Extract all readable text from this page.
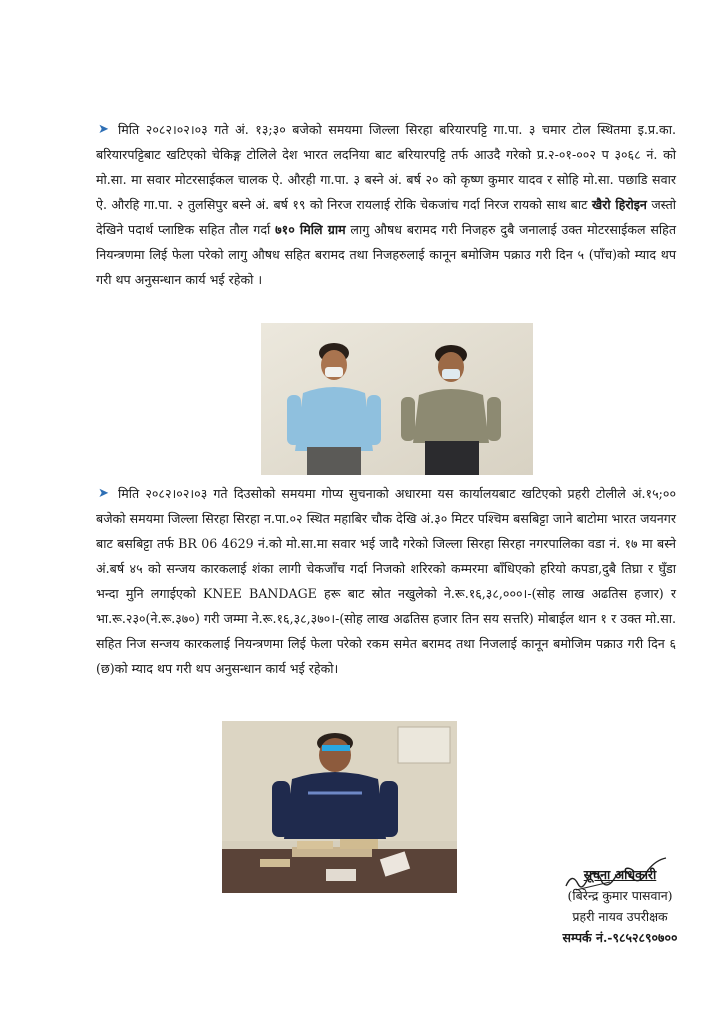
➤
➤
मिति २०८२।०२।०३ गते अं. १३;३० बजेको समयमा जिल्ला सिरहा बरियारपट्टि गा.पा. ३ चमार टोल स्थितमा इ.प्र.का. बरियारपट्टिबाट खटिएको चेकिङ्ग टोलिले देश भारत लदनिया बाट बरियारपट्टि तर्फ आउदै गरेको प्र.२-०१-००२ प ३०६८ नं. को मो.सा. मा सवार मोटरसाईकल चालक ऐ. औरही गा.पा. ३ बस्ने अं. बर्ष २० को कृष्ण कुमार यादव र सोहि मो.सा. पछाडि सवार ऐ. औरहि गा.पा. २ तुलसिपुर बस्ने अं. बर्ष १९ को निरज रायलाई रोकि चेकजांच गर्दा निरज रायको साथ बाट खैरो हिरोइन जस्तो देखिने पदार्थ प्लाष्टिक सहित तौल गर्दा ७१० मिलि ग्राम लागु औषध बरामद गरी निजहरु दुबै जनालाई उक्त मोटरसाईकल सहित नियन्त्रणमा लिई फेला परेको लागु औषध सहित बरामद तथा निजहरुलाई कानून बमोजिम पक्राउ गरी दिन ५ (पाँच)को म्याद थप गरी थप अनुसन्धान कार्य भई रहेको ।
मिति २०८२।०२।०३ गते दिउसोको समयमा गोप्य सुचनाको अधारमा यस कार्यालयबाट खटिएको प्रहरी टोलीले अं.१५;०० बजेको समयमा जिल्ला सिरहा सिरहा न.पा.०२ स्थित महाबिर चौक देखि अं.३० मिटर पश्चिम बसबिट्टा जाने बाटोमा भारत जयनगर बाट बसबिट्टा तर्फ BR 06 4629 नं.को मो.सा.मा सवार भई जादै गरेको जिल्ला सिरहा सिरहा नगरपालिका वडा नं. १७ मा बस्ने अं.बर्ष ४५ को सन्जय कारकलाई शंका लागी चेकजाँच गर्दा निजको शरिरको कम्मरमा बाँधिएको हरियो कपडा,दुबै तिघ्रा र घुँडा भन्दा मुनि लगाईएको KNEE BANDAGE हरू बाट स्रोत नखुलेको ने.रू.१६,३८,०००।-(सोह लाख अढतिस हजार) र भा.रू.२३०(ने.रू.३७०) गरी जम्मा ने.रू.१६,३८,३७०।-(सोह लाख अढतिस हजार तिन सय सत्तरि) मोबाईल थान १ र उक्त मो.सा. सहित निज सन्जय कारकलाई नियन्त्रणमा लिई फेला परेको रकम समेत बरामद तथा निजलाई कानून बमोजिम पक्राउ गरी दिन ६ (छ)को म्याद थप गरी थप अनुसन्धान कार्य भई रहेको।
सूचना अधिकारी
(बिरेन्द्र कुमार पासवान)
प्रहरी नायव उपरीक्षक
सम्पर्क नं.-९८५२८९०७००
